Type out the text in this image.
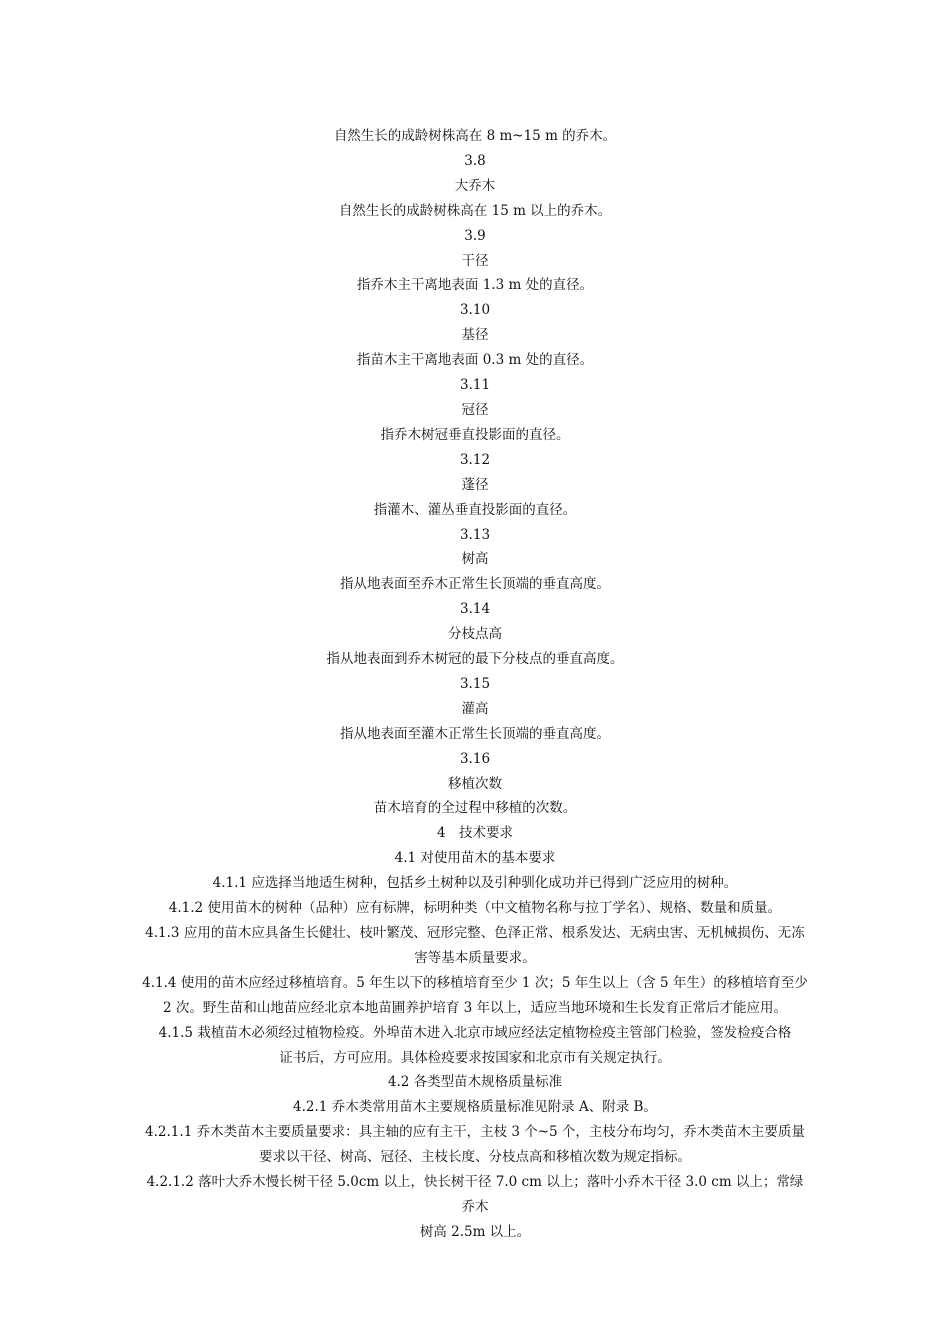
自然生长的成龄树株高在 8 m~15 m 的乔木。

3.8

大乔木

自然生长的成龄树株高在 15 m 以上的乔木。

3.9

干径

指乔木主干离地表面 1.3 m 处的直径。

3.10

基径

指苗木主干离地表面 0.3 m 处的直径。

3.11

冠径

指乔木树冠垂直投影面的直径。

3.12

蓬径

指灌木、灌丛垂直投影面的直径。

3.13

树高

指从地表面至乔木正常生长顶端的垂直高度。

3.14

分枝点高

指从地表面到乔木树冠的最下分枝点的垂直高度。

3.15

灌高

指从地表面至灌木正常生长顶端的垂直高度。

3.16

移植次数

苗木培育的全过程中移植的次数。

4　技术要求

4.1 对使用苗木的基本要求

4.1.1 应选择当地适生树种，包括乡土树种以及引种驯化成功并已得到广泛应用的树种。

4.1.2 使用苗木的树种（品种）应有标牌，标明种类（中文植物名称与拉丁学名）、规格、数量和质量。

4.1.3 应用的苗木应具备生长健壮、枝叶繁茂、冠形完整、色泽正常、根系发达、无病虫害、无机械损伤、无冻

害等基本质量要求。

4.1.4 使用的苗木应经过移植培育。5 年生以下的移植培育至少 1 次；5 年生以上（含 5 年生）的移植培育至少

2 次。野生苗和山地苗应经北京本地苗圃养护培育 3 年以上，适应当地环境和生长发育正常后才能应用。

4.1.5 栽植苗木必须经过植物检疫。外埠苗木进入北京市域应经法定植物检疫主管部门检验，签发检疫合格

证书后，方可应用。具体检疫要求按国家和北京市有关规定执行。

4.2 各类型苗木规格质量标准

4.2.1 乔木类常用苗木主要规格质量标准见附录 A、附录 B。

4.2.1.1 乔木类苗木主要质量要求：具主轴的应有主干，主枝 3 个~5 个，主枝分布均匀，乔木类苗木主要质量

要求以干径、树高、冠径、主枝长度、分枝点高和移植次数为规定指标。

4.2.1.2 落叶大乔木慢长树干径 5.0cm 以上，快长树干径 7.0 cm 以上；落叶小乔木干径 3.0 cm 以上；常绿乔木

树高 2.5m 以上。
